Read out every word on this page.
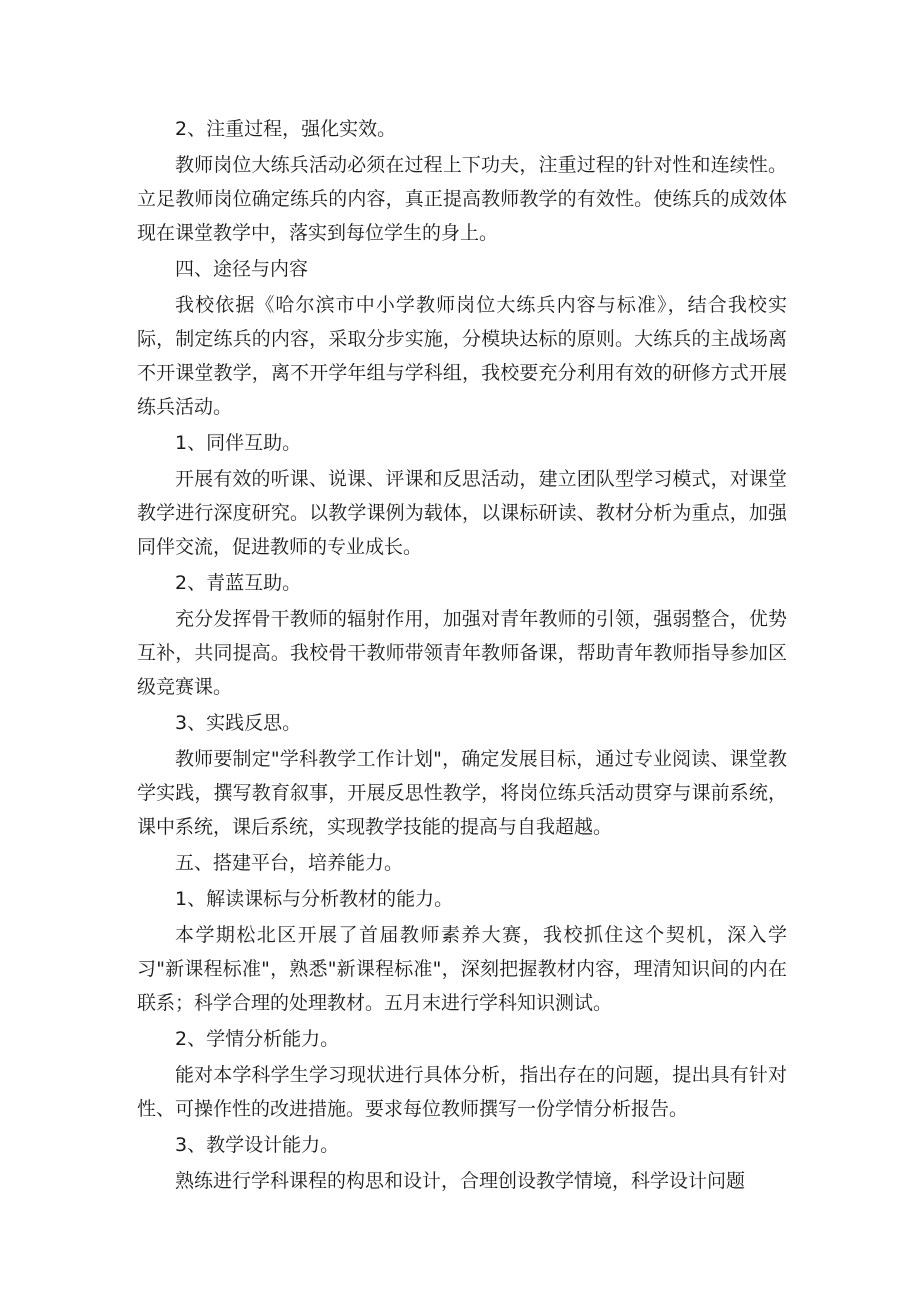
2、注重过程，强化实效。

教师岗位大练兵活动必须在过程上下功夫，注重过程的针对性和连续性。立足教师岗位确定练兵的内容，真正提高教师教学的有效性。使练兵的成效体现在课堂教学中，落实到每位学生的身上。

四、途径与内容

我校依据《哈尔滨市中小学教师岗位大练兵内容与标准》，结合我校实际，制定练兵的内容，采取分步实施，分模块达标的原则。大练兵的主战场离不开课堂教学，离不开学年组与学科组，我校要充分利用有效的研修方式开展练兵活动。

1、同伴互助。

开展有效的听课、说课、评课和反思活动，建立团队型学习模式，对课堂教学进行深度研究。以教学课例为载体，以课标研读、教材分析为重点，加强同伴交流，促进教师的专业成长。

2、青蓝互助。

充分发挥骨干教师的辐射作用，加强对青年教师的引领，强弱整合，优势互补，共同提高。我校骨干教师带领青年教师备课，帮助青年教师指导参加区级竞赛课。

3、实践反思。

教师要制定"学科教学工作计划"，确定发展目标，通过专业阅读、课堂教学实践，撰写教育叙事，开展反思性教学，将岗位练兵活动贯穿与课前系统，课中系统，课后系统，实现教学技能的提高与自我超越。

五、搭建平台，培养能力。

1、解读课标与分析教材的能力。

本学期松北区开展了首届教师素养大赛，我校抓住这个契机，深入学习"新课程标准"，熟悉"新课程标准"，深刻把握教材内容，理清知识间的内在联系；科学合理的处理教材。五月末进行学科知识测试。

2、学情分析能力。

能对本学科学生学习现状进行具体分析，指出存在的问题，提出具有针对性、可操作性的改进措施。要求每位教师撰写一份学情分析报告。

3、教学设计能力。

熟练进行学科课程的构思和设计，合理创设教学情境，科学设计问题
